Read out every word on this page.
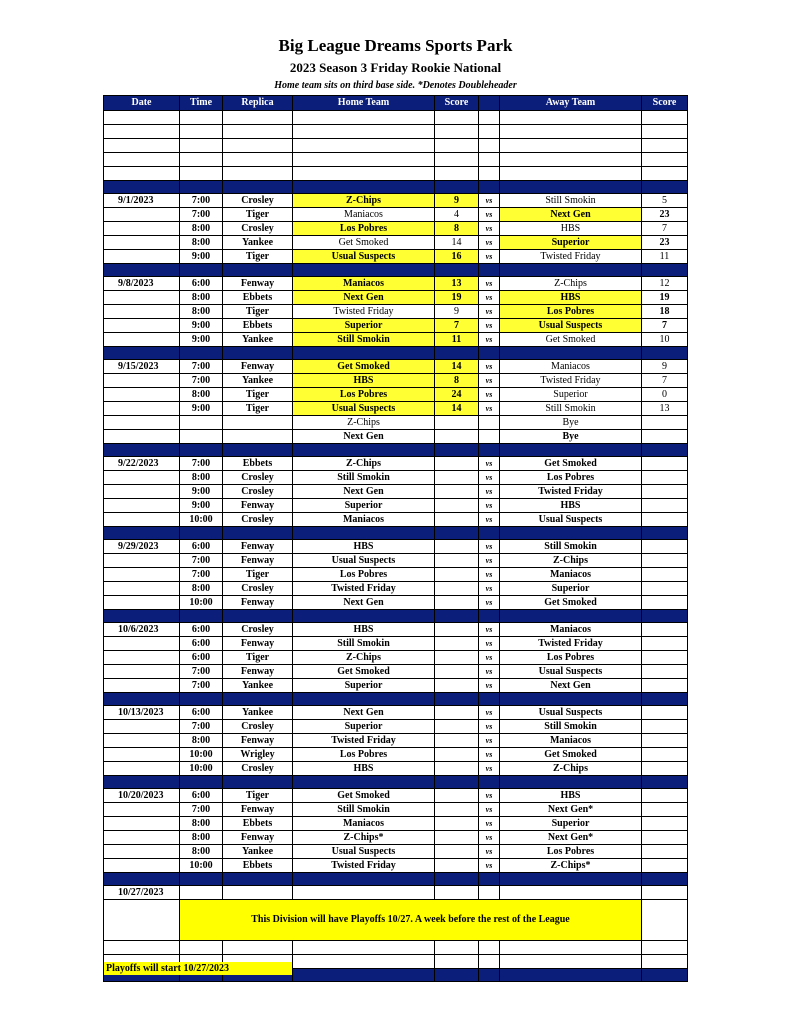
Big League Dreams Sports Park
2023 Season 3 Friday Rookie National
Home team sits on third base side. *Denotes Doubleheader
Date	Time	Replica	Home Team	Score		Away Team	Score

9/1/2023	7:00	Crosley	Z-Chips	9	vs	Still Smokin	5
	7:00	Tiger	Maniacos	4	vs	Next Gen	23
	8:00	Crosley	Los Pobres	8	vs	HBS	7
	8:00	Yankee	Get Smoked	14	vs	Superior	23
	9:00	Tiger	Usual Suspects	16	vs	Twisted Friday	11

9/8/2023	6:00	Fenway	Maniacos	13	vs	Z-Chips	12
	8:00	Ebbets	Next Gen	19	vs	HBS	19
	8:00	Tiger	Twisted Friday	9	vs	Los Pobres	18
	9:00	Ebbets	Superior	7	vs	Usual Suspects	7
	9:00	Yankee	Still Smokin	11	vs	Get Smoked	10

9/15/2023	7:00	Fenway	Get Smoked	14	vs	Maniacos	9
	7:00	Yankee	HBS	8	vs	Twisted Friday	7
	8:00	Tiger	Los Pobres	24	vs	Superior	0
	9:00	Tiger	Usual Suspects	14	vs	Still Smokin	13
			Z-Chips			Bye	
			Next Gen			Bye	

9/22/2023	7:00	Ebbets	Z-Chips		vs	Get Smoked	
	8:00	Crosley	Still Smokin		vs	Los Pobres	
	9:00	Crosley	Next Gen		vs	Twisted Friday	
	9:00	Fenway	Superior		vs	HBS	
	10:00	Crosley	Maniacos		vs	Usual Suspects	

9/29/2023	6:00	Fenway	HBS		vs	Still Smokin	
	7:00	Fenway	Usual Suspects		vs	Z-Chips	
	7:00	Tiger	Los Pobres		vs	Maniacos	
	8:00	Crosley	Twisted Friday		vs	Superior	
	10:00	Fenway	Next Gen		vs	Get Smoked	

10/6/2023	6:00	Crosley	HBS		vs	Maniacos	
	6:00	Fenway	Still Smokin		vs	Twisted Friday	
	6:00	Tiger	Z-Chips		vs	Los Pobres	
	7:00	Fenway	Get Smoked		vs	Usual Suspects	
	7:00	Yankee	Superior		vs	Next Gen	

10/13/2023	6:00	Yankee	Next Gen		vs	Usual Suspects	
	7:00	Crosley	Superior		vs	Still Smokin	
	8:00	Fenway	Twisted Friday		vs	Maniacos	
	10:00	Wrigley	Los Pobres		vs	Get Smoked	
	10:00	Crosley	HBS		vs	Z-Chips	

10/20/2023	6:00	Tiger	Get Smoked		vs	HBS	
	7:00	Fenway	Still Smokin		vs	Next Gen*	
	8:00	Ebbets	Maniacos		vs	Superior	
	8:00	Fenway	Z-Chips*		vs	Next Gen*	
	8:00	Yankee	Usual Suspects		vs	Los Pobres	
	10:00	Ebbets	Twisted Friday		vs	Z-Chips*	

10/27/2023							
	This Division will have Playoffs 10/27. A week before the rest of the League						

Playoffs will start 10/27/2023
